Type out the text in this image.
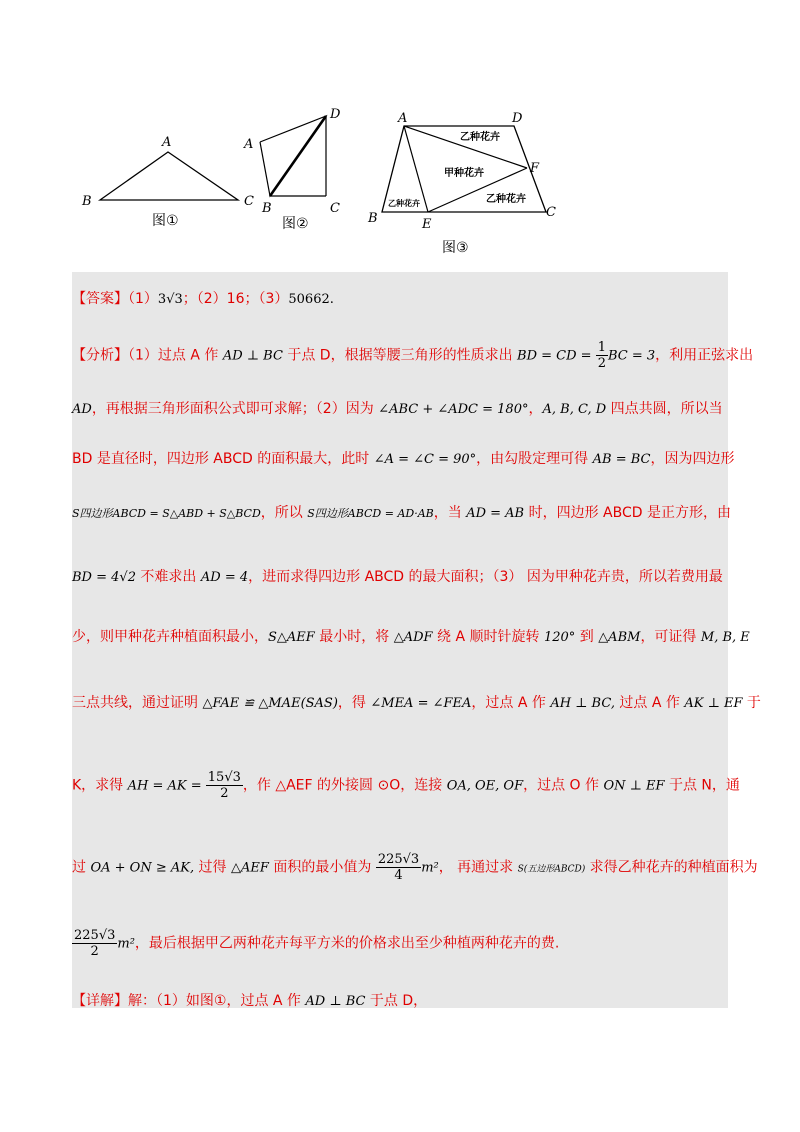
A
B	C
图①
D
A
B	C
图②
A	D
F
B	E
C
乙种花卉
甲种花卉
乙种花卉
乙种花卉
图③
【答案】（1）3√3；（2）16；（3）50662.
【分析】（1）过点 A 作 AD ⊥ BC 于点 D，根据等腰三角形的性质求出 BD = CD = $\frac{1}{2}$ BC = 3，利用正弦求出
AD，再根据三角形面积公式即可求解；（2）因为 ∠ABC + ∠ADC = 180°，A, B, C, D 四点共圆，所以当
BD 是直径时，四边形 ABCD 的面积最大，此时 ∠A = ∠C = 90°，由勾股定理可得 AB = BC，因为四边形
S四边形ABCD = S△ABD + S△BCD，所以 S四边形ABCD = AD·AB，当 AD = AB 时，四边形 ABCD 是正方形，由
BD = 4√2 不难求出 AD = 4，进而求得四边形 ABCD 的最大面积；（3） 因为甲种花卉贵，所以若费用最
少，则甲种花卉种植面积最小，S△AEF 最小时，将 △ADF 绕 A 顺时针旋转 120° 到 △ABM，可证得 M, B, E
三点共线，通过证明 △FAE ≌ △MAE(SAS)，得 ∠MEA = ∠FEA，过点 A 作 AH ⊥ BC, 过点 A 作 AK ⊥ EF 于
K，求得 AH = AK = $\frac{15√3}{2}$ ，作 △AEF 的外接圆 ⊙O，连接 OA, OE, OF，过点 O 作 ON ⊥ EF 于点 N，通
过 OA + ON ≥ AK, 过得 △AEF 面积的最小值为 $\frac{225√3}{4} m^2$， 再通过求 S(五边形ABCD) 求得乙种花卉的种植面积为
$\frac{225√3}{2} m^2$，最后根据甲乙两种花卉每平方米的价格求出至少种植两种花卉的费.
【详解】解：（1）如图①，过点 A 作 AD ⊥ BC 于点 D，
